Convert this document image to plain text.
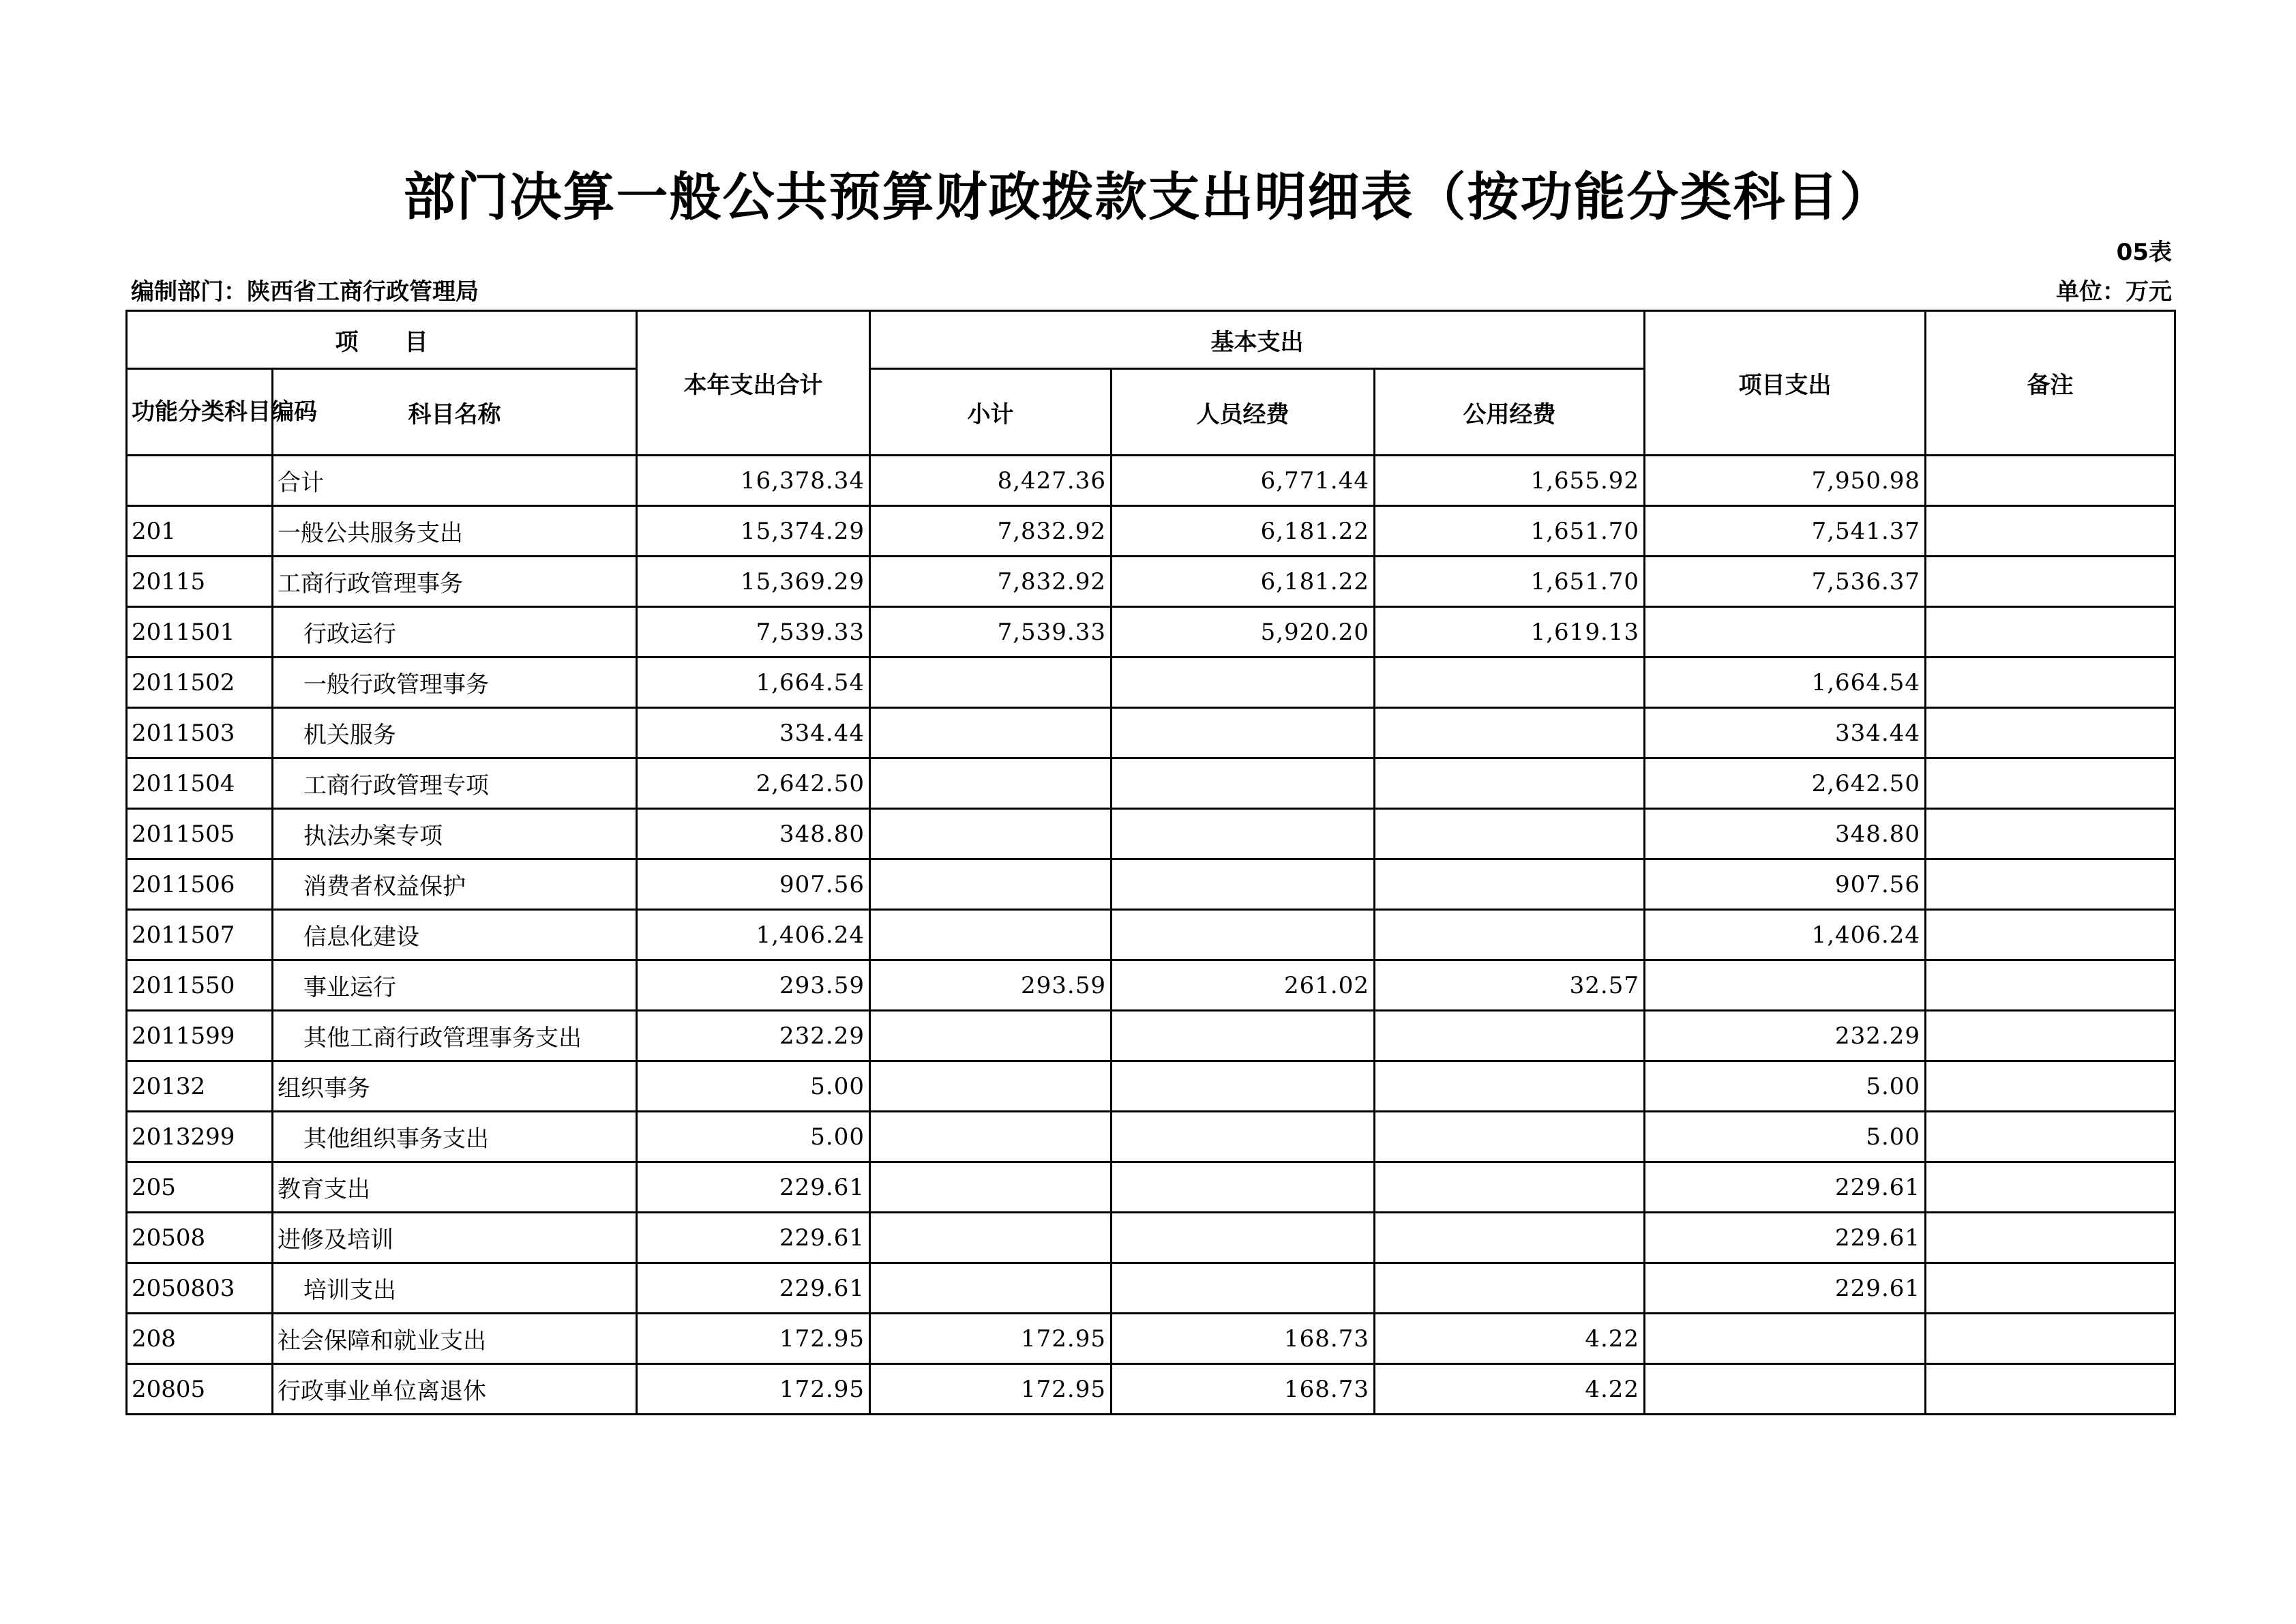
部门决算一般公共预算财政拨款支出明细表（按功能分类科目）
05表
编制部门：陕西省工商行政管理局	单位：万元
项　　目		本年支出合计	基本支出			项目支出	备注
功能分类科目编码	科目名称		小计	人员经费	公用经费		
	合计	16,378.34	8,427.36	6,771.44	1,655.92	7,950.98	
201	一般公共服务支出	15,374.29	7,832.92	6,181.22	1,651.70	7,541.37	
20115	工商行政管理事务	15,369.29	7,832.92	6,181.22	1,651.70	7,536.37	
2011501	行政运行	7,539.33	7,539.33	5,920.20	1,619.13		
2011502	一般行政管理事务	1,664.54				1,664.54	
2011503	机关服务	334.44				334.44	
2011504	工商行政管理专项	2,642.50				2,642.50	
2011505	执法办案专项	348.80				348.80	
2011506	消费者权益保护	907.56				907.56	
2011507	信息化建设	1,406.24				1,406.24	
2011550	事业运行	293.59	293.59	261.02	32.57		
2011599	其他工商行政管理事务支出	232.29				232.29	
20132	组织事务	5.00				5.00	
2013299	其他组织事务支出	5.00				5.00	
205	教育支出	229.61				229.61	
20508	进修及培训	229.61				229.61	
2050803	培训支出	229.61				229.61	
208	社会保障和就业支出	172.95	172.95	168.73	4.22		
20805	行政事业单位离退休	172.95	172.95	168.73	4.22		
